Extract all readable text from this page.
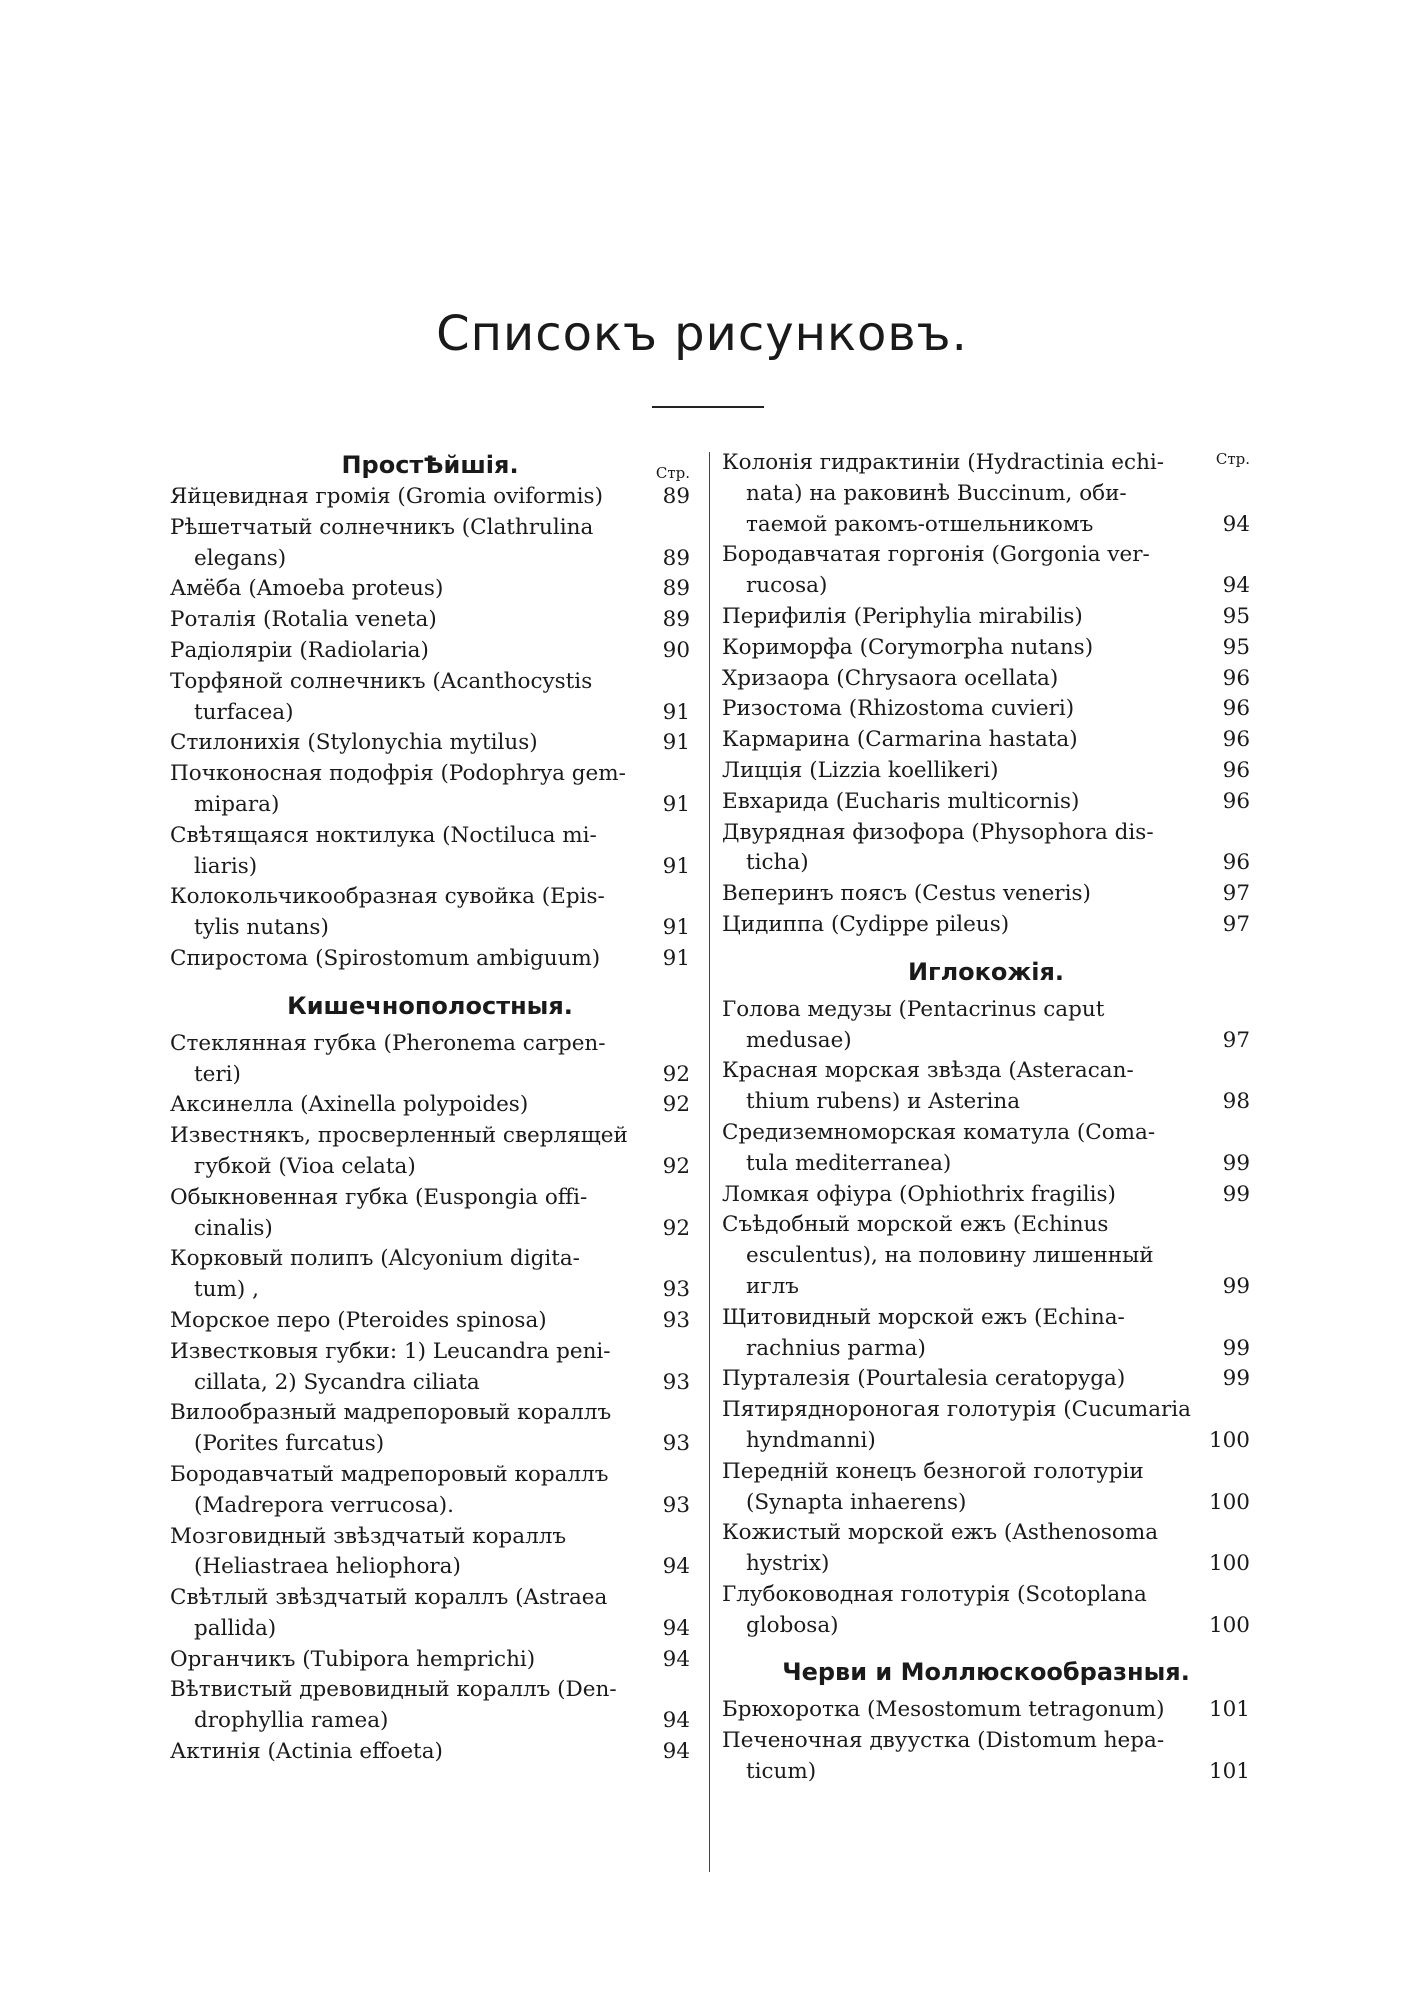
Списокъ рисунковъ.
ПростѢйшія.	Стр.
Яйцевидная громія (Gromia oviformis)	89
Рѣшетчатый солнечникъ (Clathrulina
elegans)	89
Амёба (Amoeba proteus)	89
Роталія (Rotalia veneta)	89
Радіоляріи (Radiolaria)	90
Торфяной солнечникъ (Acanthocystis
turfacea)	91
Стилонихія (Stylonychia mytilus)	91
Почконосная подофрія (Podophrya gem-
mipara)	91
Свѣтящаяся ноктилука (Noctiluca mi-
liaris)	91
Колокольчикообразная сувойка (Epis-
tylis nutans)	91
Спиростома (Spirostomum ambiguum)	91
Кишечнополостныя.
Стеклянная губка (Pheronema carpen-
teri)	92
Аксинелла (Axinella polypoides)	92
Известнякъ, просверленный сверлящей
губкой (Vioa celata)	92
Обыкновенная губка (Euspongia offi-
cinalis)	92
Корковый полипъ (Alcyonium digita-
tum) ,	93
Морское перо (Pteroides spinosa)	93
Известковыя губки: 1) Leucandra peni-
cillata, 2) Sycandra ciliata	93
Вилообразный мадрепоровый кораллъ
(Porites furcatus)	93
Бородавчатый мадрепоровый кораллъ
(Madrepora verrucosa).	93
Мозговидный звѣздчатый кораллъ
(Heliastraea heliophora)	94
Свѣтлый звѣздчатый кораллъ (Astraea
pallida)	94
Органчикъ (Tubipora hemprichi)	94
Вѣтвистый древовидный кораллъ (Den-
drophyllia ramea)	94
Актинія (Actinia effoeta)	94
Стр.
Колонія гидрактиніи (Hydractinia echi-
nata) на раковинѣ Buccinum, оби-
таемой ракомъ-отшельникомъ	94
Бородавчатая горгонія (Gorgonia ver-
rucosa)	94
Перифилія (Periphylia mirabilis)	95
Кориморфа (Corymorpha nutans)	95
Хризаора (Chrysaora ocellata)	96
Ризостома (Rhizostoma cuvieri)	96
Кармарина (Carmarina hastata)	96
Лицція (Lizzia koellikeri)	96
Евхарида (Eucharis multicornis)	96
Двурядная физофора (Physophora dis-
ticha)	96
Веперинъ поясъ (Cestus veneris)	97
Цидиппа (Cydippe pileus)	97
Иглокожія.
Голова медузы (Pentacrinus caput
medusae)	97
Красная морская звѣзда (Asteracan-
thium rubens) и Asterina	98
Средиземноморская коматула (Coma-
tula mediterranea)	99
Ломкая офіура (Ophiothrix fragilis)	99
Съѣдобный морской ежъ (Echinus
esculentus), на половину лишенный
иглъ	99
Щитовидный морской ежъ (Echina-
rachnius parma)	99
Пурталезія (Pourtalesia ceratopyga)	99
Пятиряднороногая голотурія (Cucumaria
hyndmanni)	100
Передній конецъ безногой голотуріи
(Synapta inhaerens)	100
Кожистый морской ежъ (Asthenosoma
hystrix)	100
Глубоководная голотурія (Scotoplana
globosa)	100
Черви и Моллюскообразныя.
Брюхоротка (Mesostomum tetragonum)	101
Печеночная двуустка (Distomum hepa-
ticum)	101
